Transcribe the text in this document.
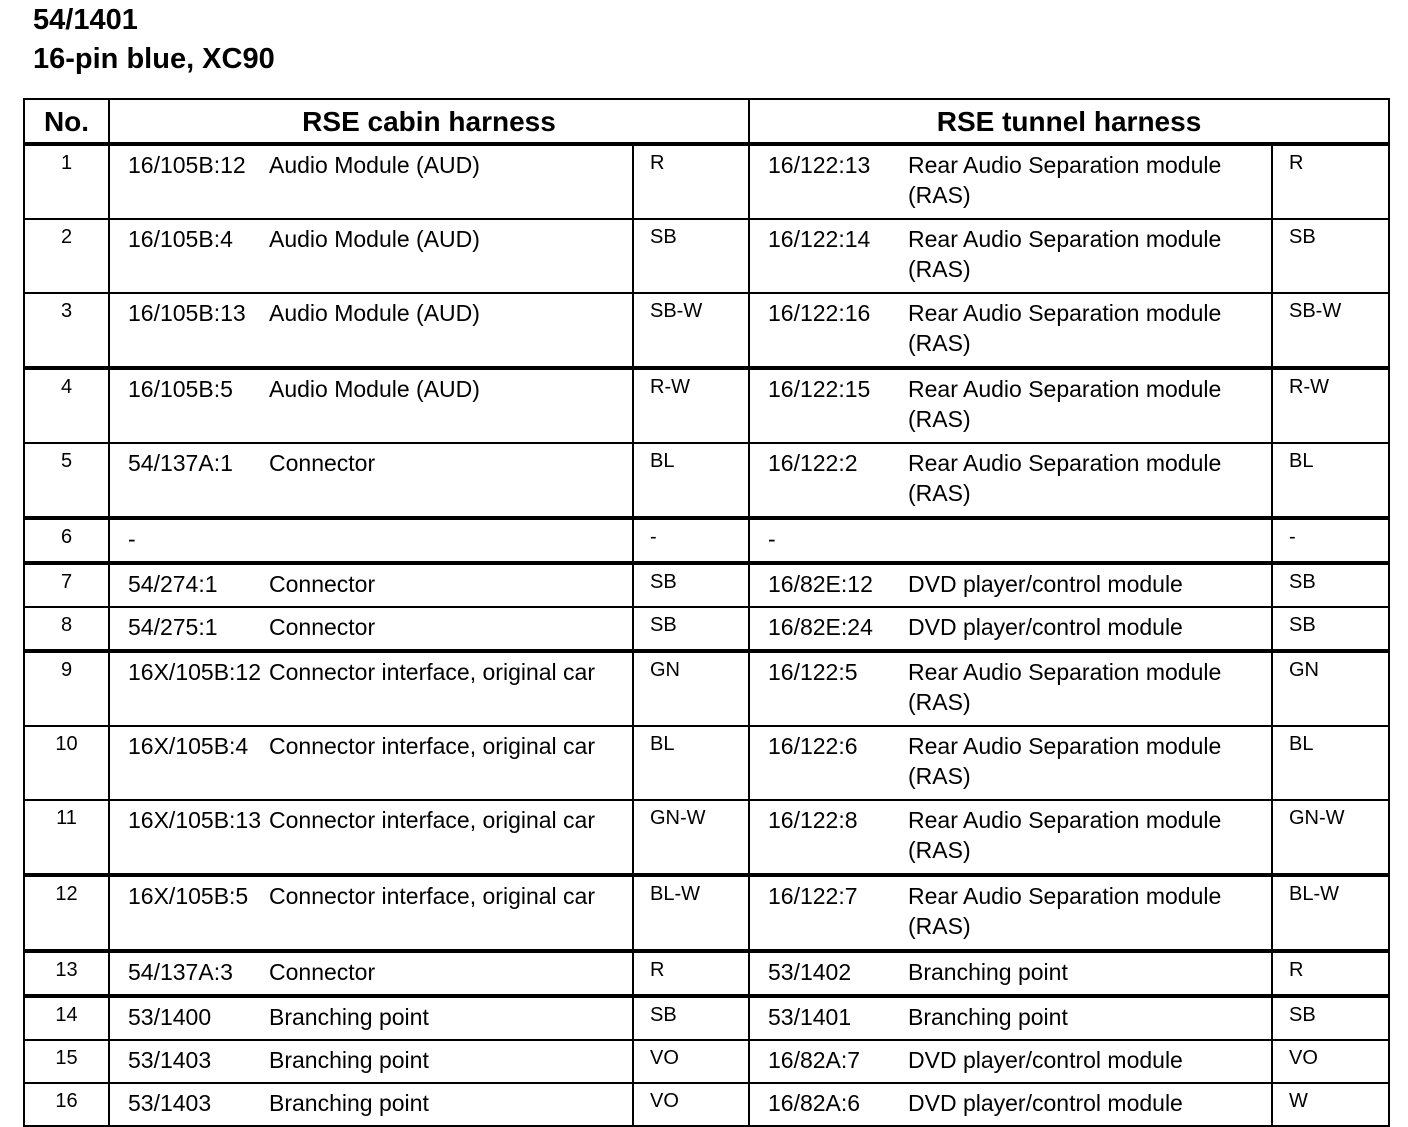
54/1401
16-pin blue, XC90
No.	RSE cabin harness		RSE tunnel harness	
1	16/105B:12 Audio Module (AUD)	R	16/122:13 Rear Audio Separation module (RAS)	R
2	16/105B:4 Audio Module (AUD)	SB	16/122:14 Rear Audio Separation module (RAS)	SB
3	16/105B:13 Audio Module (AUD)	SB-W	16/122:16 Rear Audio Separation module (RAS)	SB-W
4	16/105B:5 Audio Module (AUD)	R-W	16/122:15 Rear Audio Separation module (RAS)	R-W
5	54/137A:1 Connector	BL	16/122:2 Rear Audio Separation module (RAS)	BL
6	-	-	-	-
7	54/274:1 Connector	SB	16/82E:12 DVD player/control module	SB
8	54/275:1 Connector	SB	16/82E:24 DVD player/control module	SB
9	16X/105B:12 Connector interface, original car	GN	16/122:5 Rear Audio Separation module (RAS)	GN
10	16X/105B:4 Connector interface, original car	BL	16/122:6 Rear Audio Separation module (RAS)	BL
11	16X/105B:13 Connector interface, original car	GN-W	16/122:8 Rear Audio Separation module (RAS)	GN-W
12	16X/105B:5 Connector interface, original car	BL-W	16/122:7 Rear Audio Separation module (RAS)	BL-W
13	54/137A:3 Connector	R	53/1402 Branching point	R
14	53/1400 Branching point	SB	53/1401 Branching point	SB
15	53/1403 Branching point	VO	16/82A:7 DVD player/control module	VO
16	53/1403 Branching point	VO	16/82A:6 DVD player/control module	W
